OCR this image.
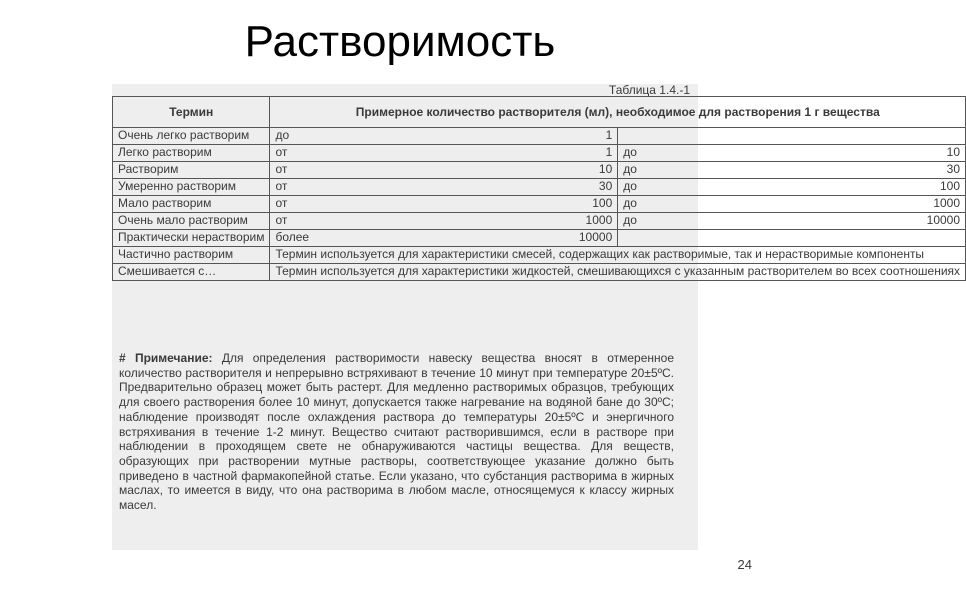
Растворимость
Таблица 1.4.-1
Термин	Примерное количество растворителя (мл), необходимое для растворения 1 г вещества	
Очень легко растворим	до 1	

Легко растворим	от 1	до 10

Растворим	от 10	до 30

Умеренно растворим	от 30	до 100

Мало растворим	от 100	до 1000

Очень мало растворим	от 1000	до 10000

Практически нерастворим	более 10000	

Частично растворим	Термин используется для характеристики смесей, содержащих как растворимые, так и нерастворимые компоненты	
Смешивается с…	Термин используется для характеристики жидкостей, смешивающихся с указанным растворителем во всех соотношениях	
# Примечание: Для определения растворимости навеску вещества вносят в отмеренное количество растворителя и непрерывно встряхивают в течение 10 минут при температуре 20±5ºC. Предварительно образец может быть растерт. Для медленно растворимых образцов, требующих для своего растворения более 10 минут, допускается также нагревание на водяной бане до 30ºC; наблюдение производят после охлаждения раствора до температуры 20±5ºC и энергичного встряхивания в течение 1-2 минут. Вещество считают растворившимся, если в растворе при наблюдении в проходящем свете не обнаруживаются частицы вещества. Для веществ, образующих при растворении мутные растворы, соответствующее указание должно быть приведено в частной фармакопейной статье. Если указано, что субстанция растворима в жирных маслах, то имеется в виду, что она растворима в любом масле, относящемуся к классу жирных масел.
24
